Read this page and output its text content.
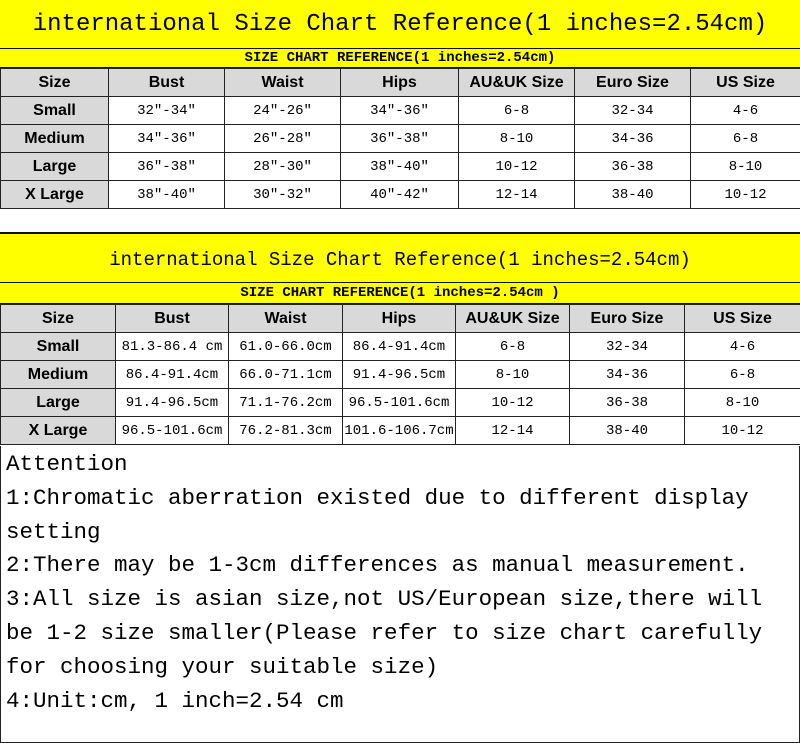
international Size Chart Reference(1 inches=2.54cm)
SIZE CHART REFERENCE(1 inches=2.54cm)
Size	Bust	Waist	Hips	AU&UK Size	Euro Size	US Size
Small	32″-34″	24″-26″	34″-36″	6-8	32-34	4-6
Medium	34″-36″	26″-28″	36″-38″	8-10	34-36	6-8
Large	36″-38″	28″-30″	38″-40″	10-12	36-38	8-10
X Large	38″-40″	30″-32″	40″-42″	12-14	38-40	10-12
international Size Chart Reference(1 inches=2.54cm)
SIZE CHART REFERENCE(1 inches=2.54cm )
Size	Bust	Waist	Hips	AU&UK Size	Euro Size	US Size
Small	81.3-86.4 cm	61.0-66.0cm	86.4-91.4cm	6-8	32-34	4-6
Medium	86.4-91.4cm	66.0-71.1cm	91.4-96.5cm	8-10	34-36	6-8
Large	91.4-96.5cm	71.1-76.2cm	96.5-101.6cm	10-12	36-38	8-10
X Large	96.5-101.6cm	76.2-81.3cm	101.6-106.7cm	12-14	38-40	10-12

Attention

1:Chromatic aberration existed due to different display setting

2:There may be 1-3cm differences as manual measurement.

3:All size is asian size,not US/European size,there will be 1-2 size smaller(Please refer to size chart carefully for choosing your suitable size)

4:Unit:cm, 1 inch=2.54 cm
